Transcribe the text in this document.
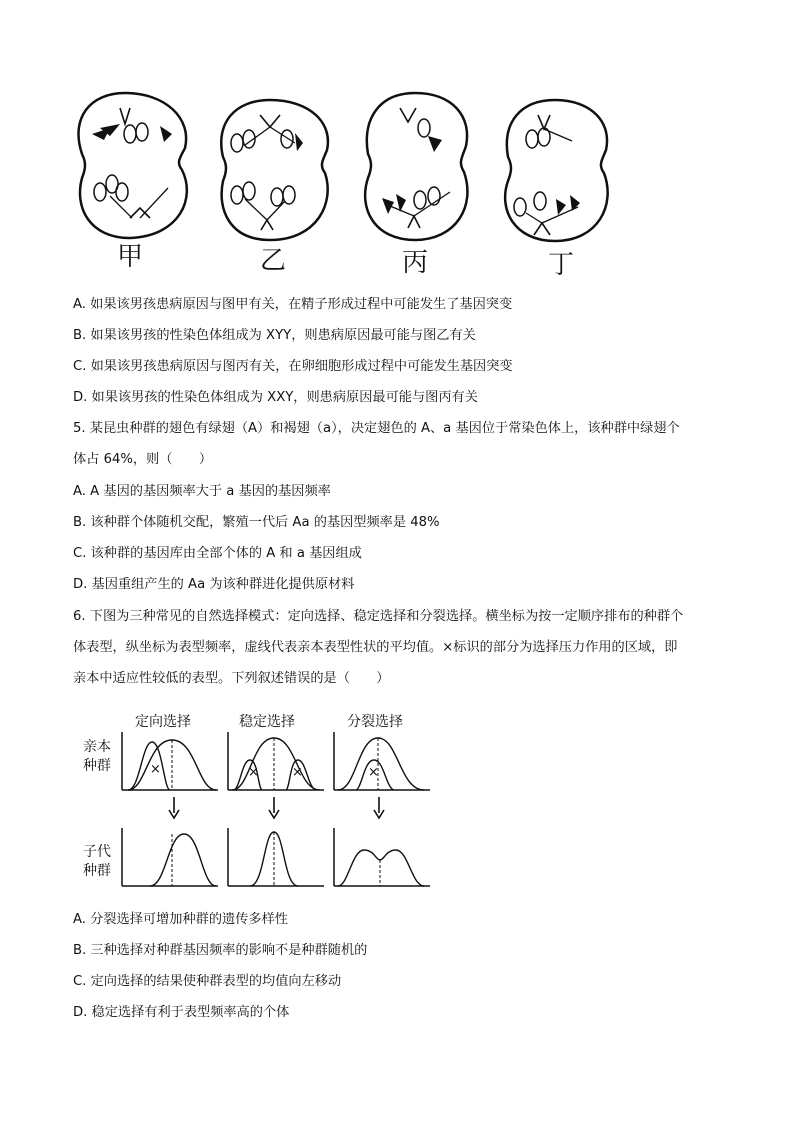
甲	乙	丙	丁
A. 如果该男孩患病原因与图甲有关，在精子形成过程中可能发生了基因突变
B. 如果该男孩的性染色体组成为 XYY，则患病原因最可能与图乙有关
C. 如果该男孩患病原因与图丙有关，在卵细胞形成过程中可能发生基因突变
D. 如果该男孩的性染色体组成为 XXY，则患病原因最可能与图丙有关
5. 某昆虫种群的翅色有绿翅（A）和褐翅（a），决定翅色的 A、a 基因位于常染色体上，该种群中绿翅个
体占 64%，则（　　）
A. A 基因的基因频率大于 a 基因的基因频率
B. 该种群个体随机交配，繁殖一代后 Aa 的基因型频率是 48%
C. 该种群的基因库由全部个体的 A 和 a 基因组成
D. 基因重组产生的 Aa 为该种群进化提供原材料
6. 下图为三种常见的自然选择模式：定向选择、稳定选择和分裂选择。横坐标为按一定顺序排布的种群个
体表型，纵坐标为表型频率，虚线代表亲本表型性状的平均值。×标识的部分为选择压力作用的区域，即
亲本中适应性较低的表型。下列叙述错误的是（　　）
定向选择	稳定选择	分裂选择
亲本
种群
子代
种群
×	×	×	×
A. 分裂选择可增加种群的遗传多样性
B. 三种选择对种群基因频率的影响不是种群随机的
C. 定向选择的结果使种群表型的均值向左移动
D. 稳定选择有利于表型频率高的个体
